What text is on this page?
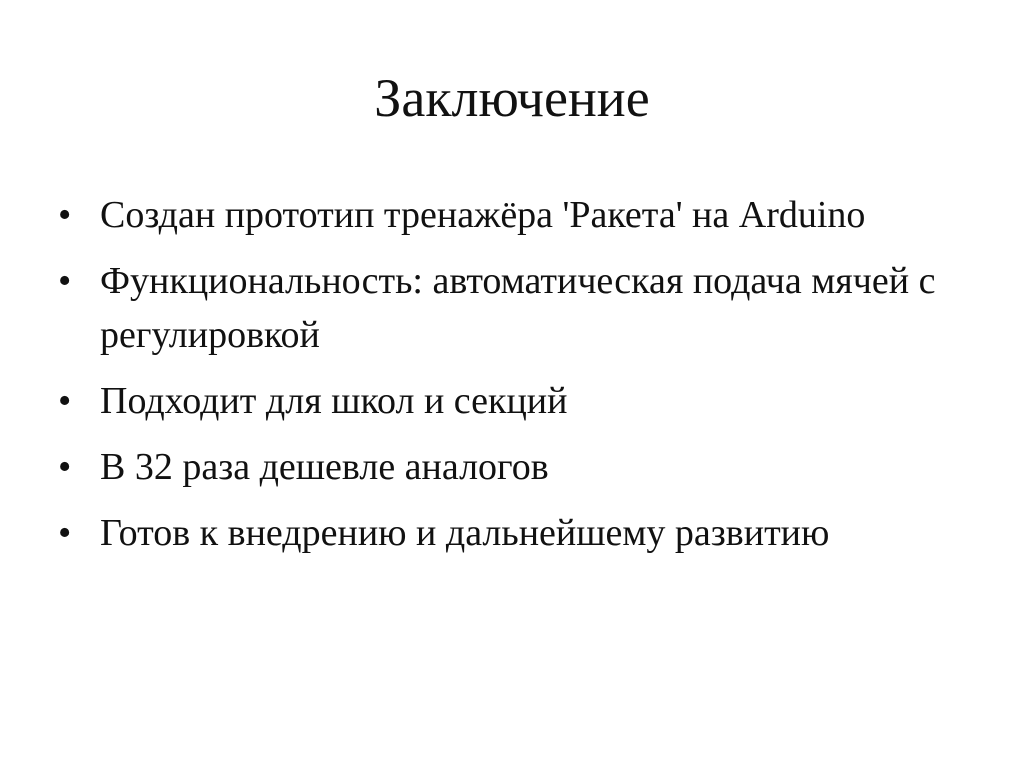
Заключение
• Создан прототип тренажёра 'Ракета' на Arduino
• Функциональность: автоматическая подача мячей с регулировкой
• Подходит для школ и секций
• В 32 раза дешевле аналогов
• Готов к внедрению и дальнейшему развитию
